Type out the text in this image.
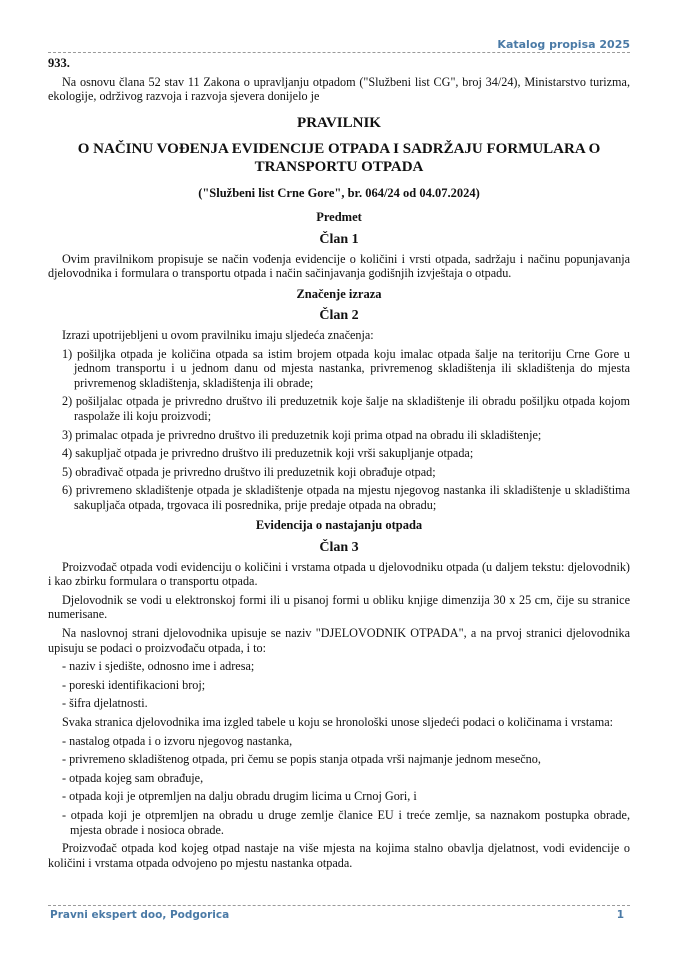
Katalog propisa 2025
933.

Na osnovu člana 52 stav 11 Zakona o upravljanju otpadom ("Službeni list CG", broj 34/24), Ministarstvo turizma, ekologije, održivog razvoja i razvoja sjevera donijelo je

PRAVILNIK
O NAČINU VOĐENJA EVIDENCIJE OTPADA I SADRŽAJU FORMULARA O TRANSPORTU OTPADA
("Službeni list Crne Gore", br. 064/24 od 04.07.2024)
Predmet
Član 1

Ovim pravilnikom propisuje se način vođenja evidencije o količini i vrsti otpada, sadržaju i načinu popunjavanja djelovodnika i formulara o transportu otpada i način sačinjavanja godišnjih izvještaja o otpadu.

Značenje izraza
Član 2

Izrazi upotrijebljeni u ovom pravilniku imaju sljedeća značenja:

1) pošiljka otpada je količina otpada sa istim brojem otpada koju imalac otpada šalje na teritoriju Crne Gore u jednom transportu i u jednom danu od mjesta nastanka, privremenog skladištenja ili skladištenja do mjesta privremenog skladištenja, skladištenja ili obrade;

2) pošiljalac otpada je privredno društvo ili preduzetnik koje šalje na skladištenje ili obradu pošiljku otpada kojom raspolaže ili koju proizvodi;

3) primalac otpada je privredno društvo ili preduzetnik koji prima otpad na obradu ili skladištenje;

4) sakupljač otpada je privredno društvo ili preduzetnik koji vrši sakupljanje otpada;

5) obrađivač otpada je privredno društvo ili preduzetnik koji obrađuje otpad;

6) privremeno skladištenje otpada je skladištenje otpada na mjestu njegovog nastanka ili skladištenje u skladištima sakupljača otpada, trgovaca ili posrednika, prije predaje otpada na obradu;

Evidencija o nastajanju otpada
Član 3

Proizvođač otpada vodi evidenciju o količini i vrstama otpada u djelovodniku otpada (u daljem tekstu: djelovodnik) i kao zbirku formulara o transportu otpada.

Djelovodnik se vodi u elektronskoj formi ili u pisanoj formi u obliku knjige dimenzija 30 x 25 cm, čije su stranice numerisane.

Na naslovnoj strani djelovodnika upisuje se naziv "DJELOVODNIK OTPADA", a na prvoj stranici djelovodnika upisuju se podaci o proizvođaču otpada, i to:

- naziv i sjedište, odnosno ime i adresa;

- poreski identifikacioni broj;

- šifra djelatnosti.

Svaka stranica djelovodnika ima izgled tabele u koju se hronološki unose sljedeći podaci o količinama i vrstama:

- nastalog otpada i o izvoru njegovog nastanka,

- privremeno skladištenog otpada, pri čemu se popis stanja otpada vrši najmanje jednom mesečno,

- otpada kojeg sam obrađuje,

- otpada koji je otpremljen na dalju obradu drugim licima u Crnoj Gori, i

- otpada koji je otpremljen na obradu u druge zemlje članice EU i treće zemlje, sa naznakom postupka obrade, mjesta obrade i nosioca obrade.

Proizvođač otpada kod kojeg otpad nastaje na više mjesta na kojima stalno obavlja djelatnost, vodi evidencije o količini i vrstama otpada odvojeno po mjestu nastanka otpada.

Pravni ekspert doo, Podgorica	1
